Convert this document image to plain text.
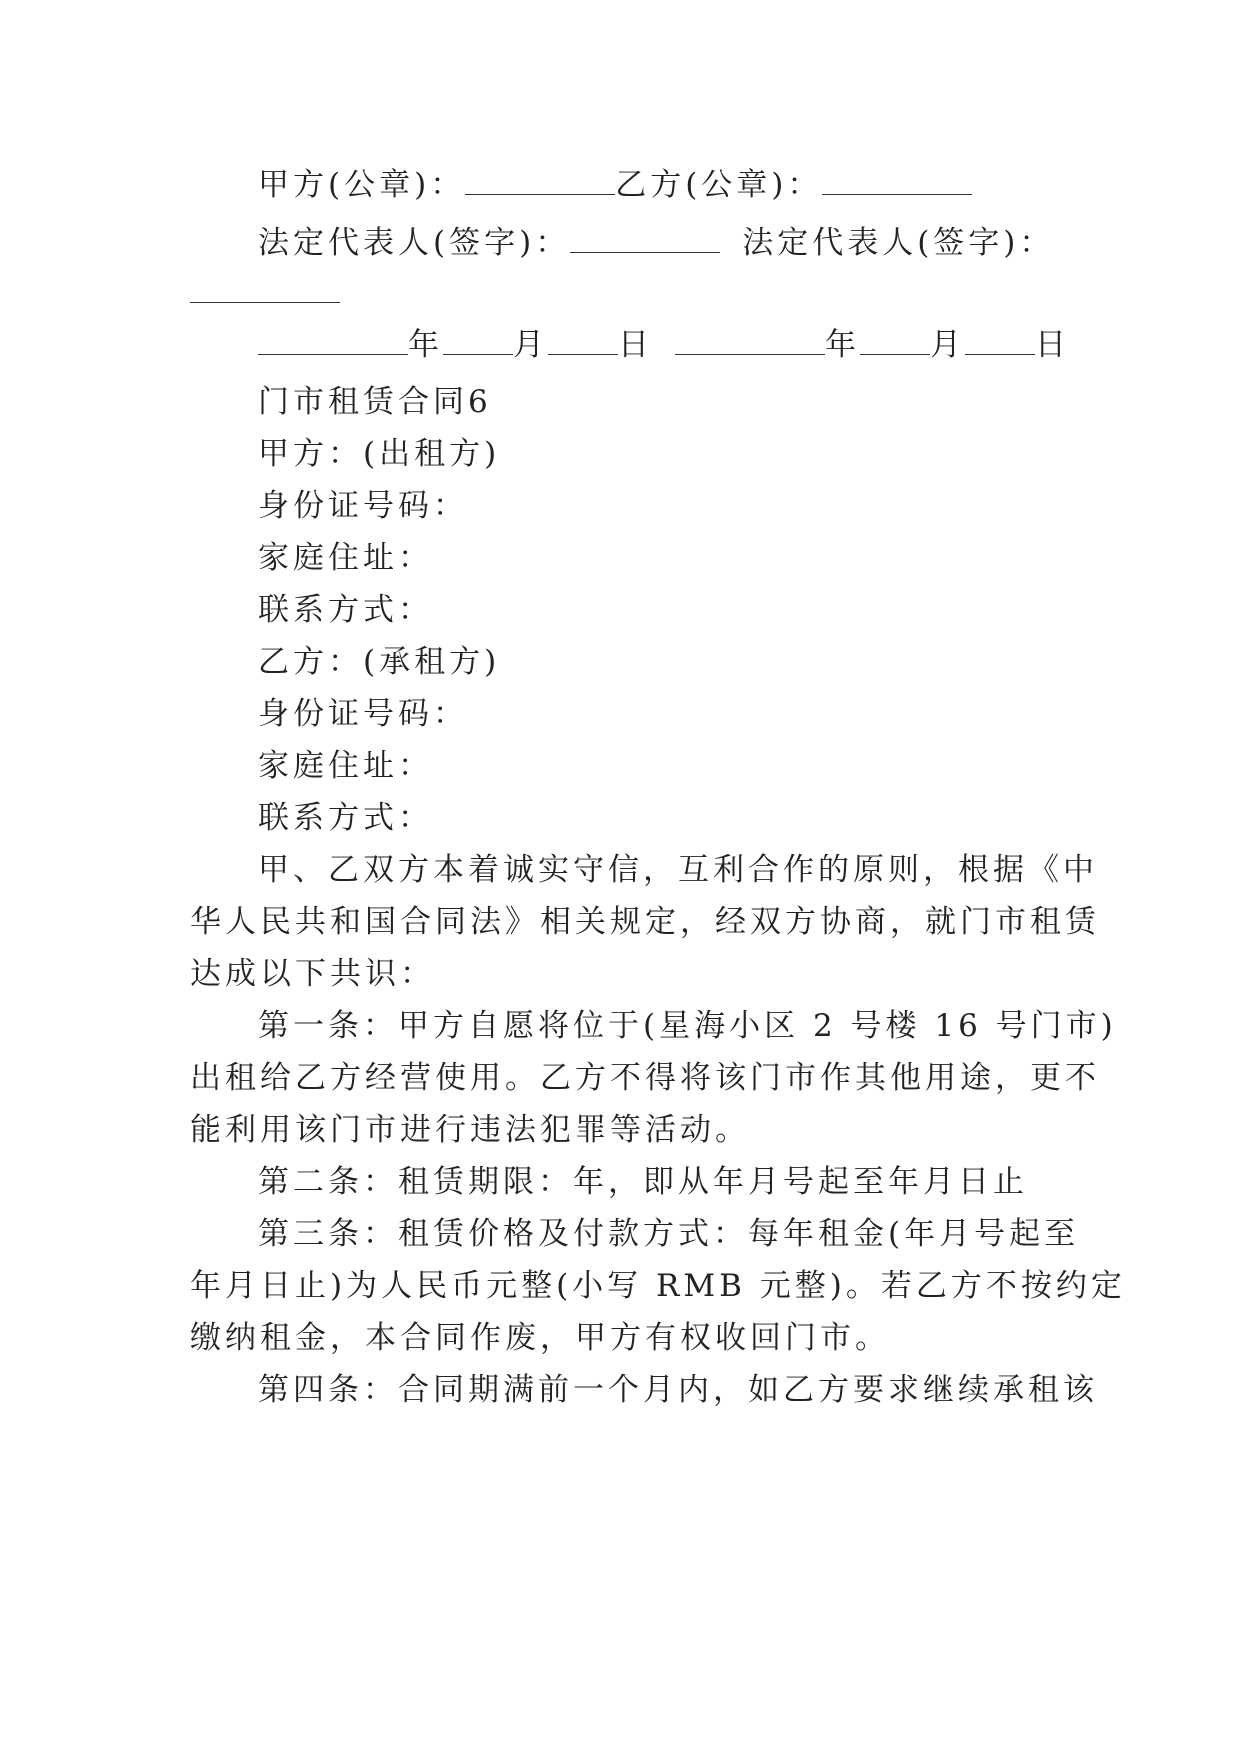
甲方(公章)：	乙方(公章)：
法定代表人(签字)：	法定代表人(签字)：
年 月 日	年 月 日
门市租赁合同6
甲方：(出租方)
身份证号码：
家庭住址：
联系方式：
乙方：(承租方)
身份证号码：
家庭住址：
联系方式：
甲、乙双方本着诚实守信，互利合作的原则，根据《中
华人民共和国合同法》相关规定，经双方协商，就门市租赁
达成以下共识：
第一条：甲方自愿将位于(星海小区 2 号楼 16 号门市)
出租给乙方经营使用。乙方不得将该门市作其他用途，更不
能利用该门市进行违法犯罪等活动。
第二条：租赁期限：年，即从年月号起至年月日止
第三条：租赁价格及付款方式：每年租金(年月号起至
年月日止)为人民币元整(小写 RMB 元整)。若乙方不按约定
缴纳租金，本合同作废，甲方有权收回门市。
第四条：合同期满前一个月内，如乙方要求继续承租该
